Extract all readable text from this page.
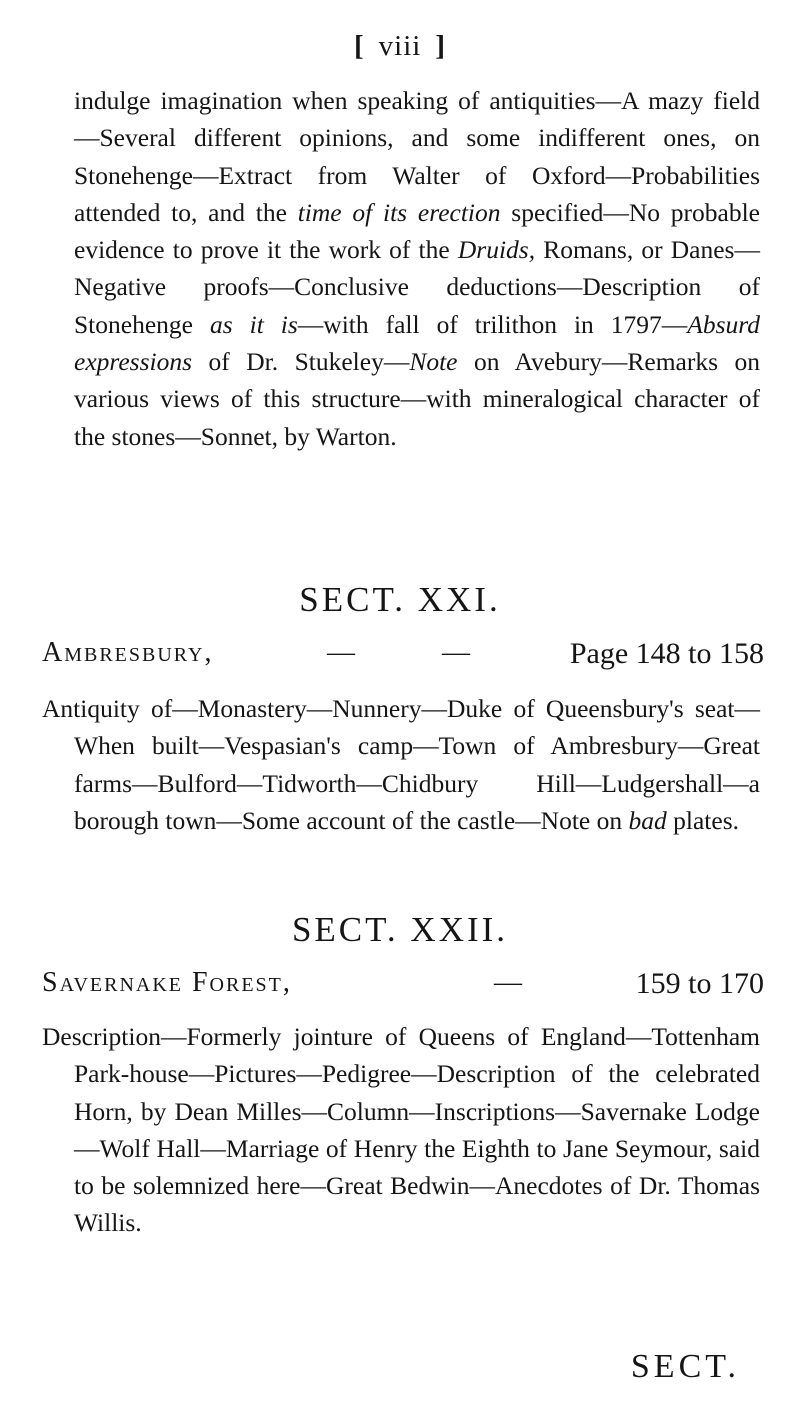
[ viii ]

indulge imagination when speaking of antiquities—A mazy field—Several different opinions, and some indifferent ones, on Stonehenge—Extract from Walter of Oxford—Probabilities attended to, and the time of its erection specified—No probable evidence to prove it the work of the Druids, Romans, or Danes—Negative proofs—Conclusive deductions—Description of Stonehenge as it is—with fall of trilithon in 1797—Absurd expressions of Dr. Stukeley—Note on Avebury—Remarks on various views of this structure—with mineralogical character of the stones—Sonnet, by Warton.

SECT. XXI.
Ambresbury,	—	—	Page 148 to 158

Antiquity of—Monastery—Nunnery—Duke of Queensbury's seat—When built—Vespasian's camp—Town of Ambresbury—Great farms—Bulford—Tidworth—Chidbury Hill—Ludgershall—a borough town—Some account of the castle—Note on bad plates.

SECT. XXII.
Savernake Forest,	—	159 to 170

Description—Formerly jointure of Queens of England—Tottenham Park-house—Pictures—Pedigree—Description of the celebrated Horn, by Dean Milles—Column—Inscriptions—Savernake Lodge—Wolf Hall—Marriage of Henry the Eighth to Jane Seymour, said to be solemnized here—Great Bedwin—Anecdotes of Dr. Thomas Willis.

SECT.
